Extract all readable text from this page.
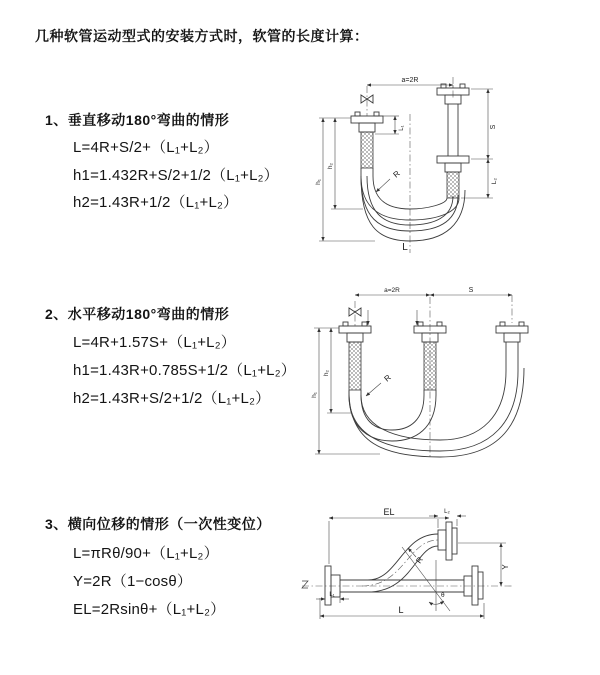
几种软管运动型式的安装方式时，软管的长度计算：
1、垂直移动180°弯曲的情形
L=4R+S/2+（L₁+L₂）
h1=1.432R+S/2+1/2（L₁+L₂）
h2=1.43R+1/2（L₁+L₂）
a=2R
S
L₂
L₁
h₂
h₁
R
L
2、水平移动180°弯曲的情形
L=4R+1.57S+（L₁+L₂）
h1=1.43R+0.785S+1/2（L₁+L₂）
h2=1.43R+S/2+1/2（L₁+L₂）
a=2R	S
h₂
h₁
R
3、横向位移的情形（一次性变位）
L=πRθ/90+（L₁+L₂）
Y=2R（1−cosθ）
EL=2Rsinθ+（L₁+L₂）
EL	L₂
Y
R
θ
L₁
L
